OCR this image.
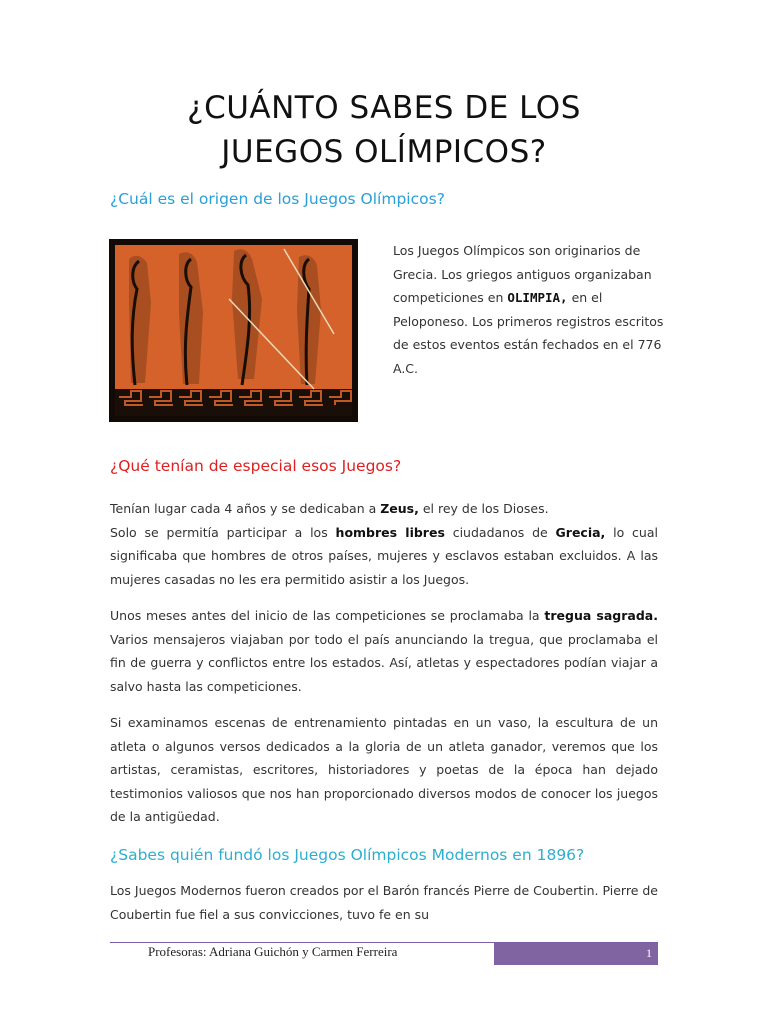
¿CUÁNTO SABES DE LOS
JUEGOS OLÍMPICOS?
¿Cuál es el origen de los Juegos Olímpicos?
Los Juegos Olímpicos son originarios de Grecia. Los griegos antiguos organizaban competiciones en OLIMPIA, en el Peloponeso. Los primeros registros escritos de estos eventos están fechados en el 776 A.C.
¿Qué tenían de especial esos Juegos?
Tenían lugar cada 4 años y se dedicaban a Zeus, el rey de los Dioses.
Solo se permitía participar a los hombres libres ciudadanos de Grecia, lo cual significaba que hombres de otros países, mujeres y esclavos estaban excluidos. A las mujeres casadas no les era permitido asistir a los Juegos.
Unos meses antes del inicio de las competiciones se proclamaba la tregua sagrada. Varios mensajeros viajaban por todo el país anunciando la tregua, que proclamaba el fin de guerra y conflictos entre los estados. Así, atletas y espectadores podían viajar a salvo hasta las competiciones.
Si examinamos escenas de entrenamiento pintadas en un vaso, la escultura de un atleta o algunos versos dedicados a la gloria de un atleta ganador, veremos que los artistas, ceramistas, escritores, historiadores y poetas de la época han dejado testimonios valiosos que nos han proporcionado diversos modos de conocer los juegos de la antigüedad.
¿Sabes quién fundó los Juegos Olímpicos Modernos en 1896?
Los Juegos Modernos fueron creados por el Barón francés Pierre de Coubertin. Pierre de Coubertin fue fiel a sus convicciones, tuvo fe en su
Profesoras: Adriana Guichón y Carmen Ferreira	1
